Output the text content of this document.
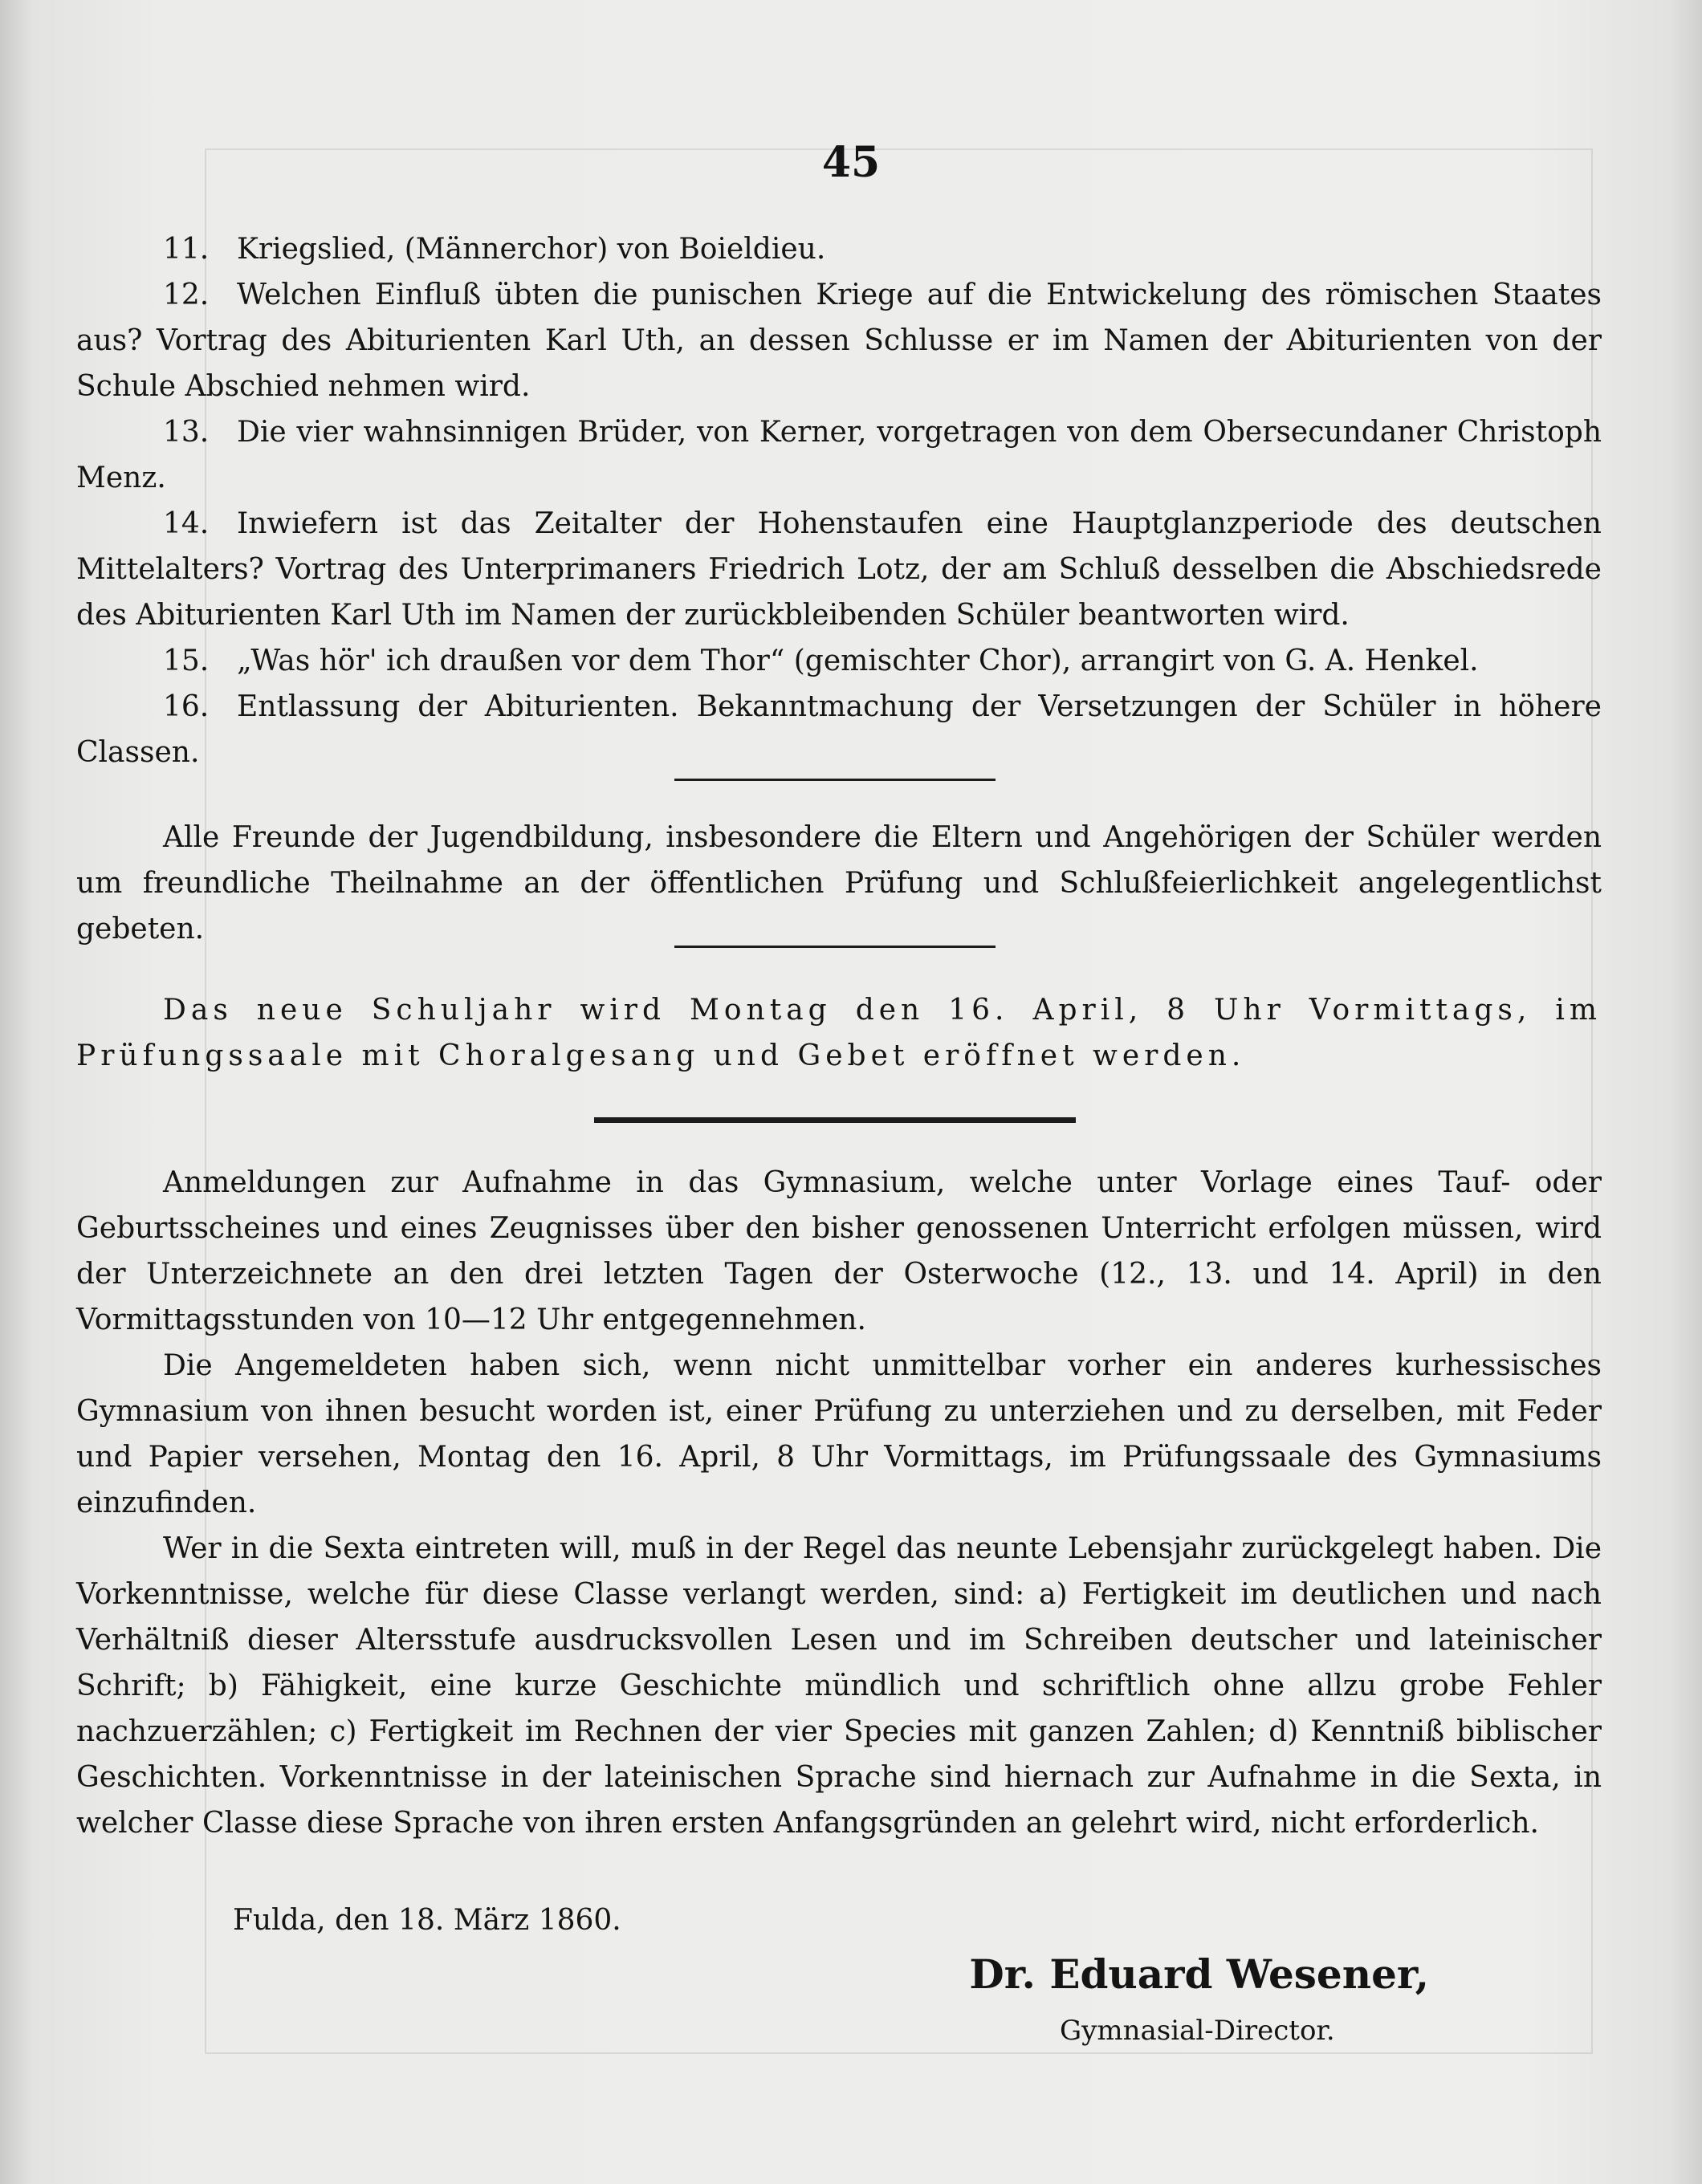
45

11. Kriegslied, (Männerchor) von Boieldieu.

12. Welchen Einfluß übten die punischen Kriege auf die Entwickelung des römischen Staates aus? Vortrag des Abiturienten Karl Uth, an dessen Schlusse er im Namen der Abiturienten von der Schule Abschied nehmen wird.

13. Die vier wahnsinnigen Brüder, von Kerner, vorgetragen von dem Obersecundaner Christoph Menz.

14. Inwiefern ist das Zeitalter der Hohenstaufen eine Hauptglanzperiode des deutschen Mittelalters? Vortrag des Unterprimaners Friedrich Lotz, der am Schluß desselben die Abschiedsrede des Abiturienten Karl Uth im Namen der zurückbleibenden Schüler beantworten wird.

15. „Was hör' ich draußen vor dem Thor“ (gemischter Chor), arrangirt von G. A. Henkel.

16. Entlassung der Abiturienten. Bekanntmachung der Versetzungen der Schüler in höhere Classen.

Alle Freunde der Jugendbildung, insbesondere die Eltern und Angehörigen der Schüler werden um freundliche Theilnahme an der öffentlichen Prüfung und Schlußfeierlichkeit angelegentlichst gebeten.

Das neue Schuljahr wird Montag den 16. April, 8 Uhr Vormittags, im Prüfungssaale mit Choralgesang und Gebet eröffnet werden.

Anmeldungen zur Aufnahme in das Gymnasium, welche unter Vorlage eines Tauf- oder Geburtsscheines und eines Zeugnisses über den bisher genossenen Unterricht erfolgen müssen, wird der Unterzeichnete an den drei letzten Tagen der Osterwoche (12., 13. und 14. April) in den Vormittagsstunden von 10—12 Uhr entgegennehmen.

Die Angemeldeten haben sich, wenn nicht unmittelbar vorher ein anderes kurhessisches Gymnasium von ihnen besucht worden ist, einer Prüfung zu unterziehen und zu derselben, mit Feder und Papier versehen, Montag den 16. April, 8 Uhr Vormittags, im Prüfungssaale des Gymnasiums einzufinden.

Wer in die Sexta eintreten will, muß in der Regel das neunte Lebensjahr zurückgelegt haben. Die Vorkenntnisse, welche für diese Classe verlangt werden, sind: a) Fertigkeit im deutlichen und nach Verhältniß dieser Altersstufe ausdrucksvollen Lesen und im Schreiben deutscher und lateinischer Schrift; b) Fähigkeit, eine kurze Geschichte mündlich und schriftlich ohne allzu grobe Fehler nachzuerzählen; c) Fertigkeit im Rechnen der vier Species mit ganzen Zahlen; d) Kenntniß biblischer Geschichten. Vorkenntnisse in der lateinischen Sprache sind hiernach zur Aufnahme in die Sexta, in welcher Classe diese Sprache von ihren ersten Anfangsgründen an gelehrt wird, nicht erforderlich.

Fulda, den 18. März 1860.
Dr. Eduard Wesener,
Gymnasial-Director.
